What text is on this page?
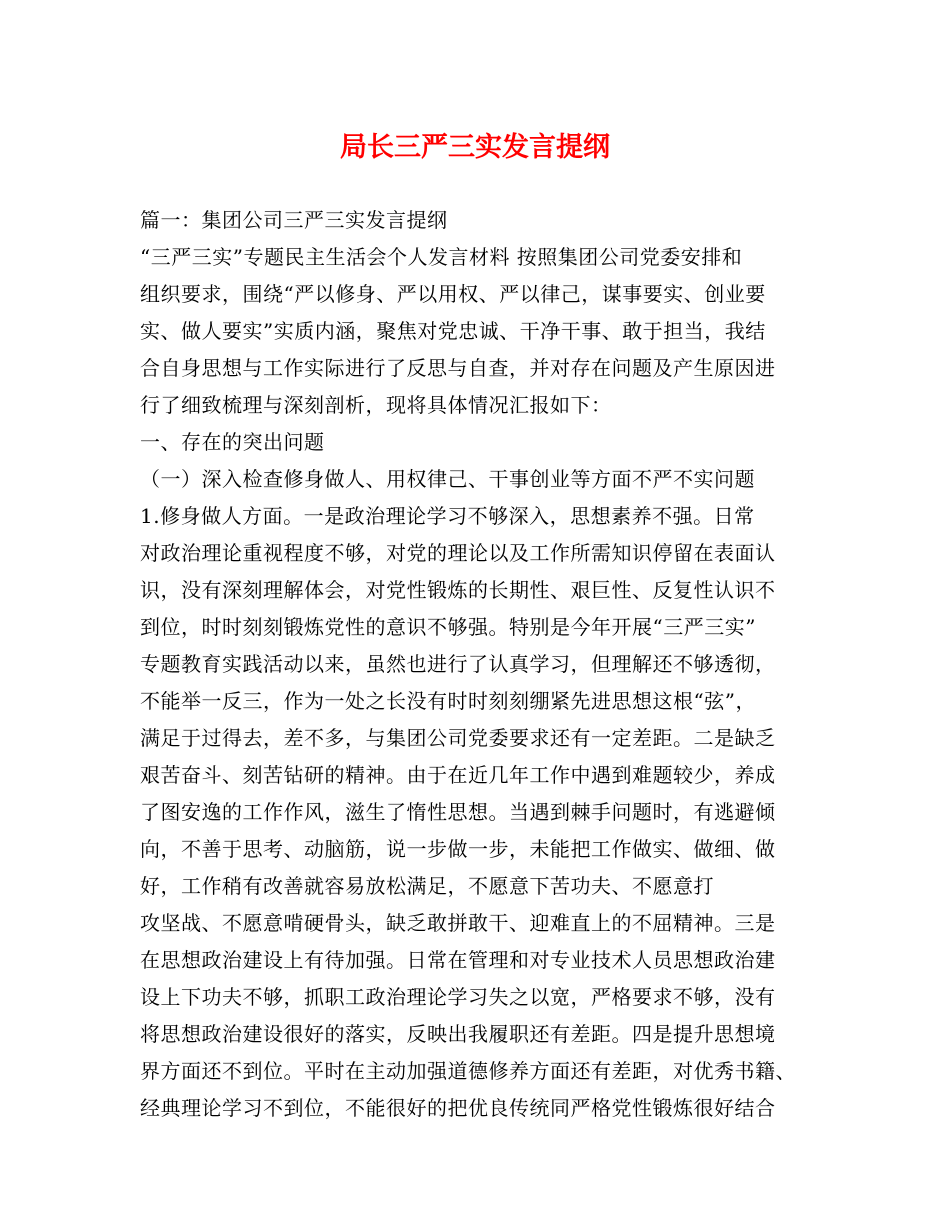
局长三严三实发言提纲
篇一：集团公司三严三实发言提纲
“三严三实”专题民主生活会个人发言材料 按照集团公司党委安排和
组织要求，围绕“严以修身、严以用权、严以律己，谋事要实、创业要
实、做人要实”实质内涵，聚焦对党忠诚、干净干事、敢于担当，我结
合自身思想与工作实际进行了反思与自查，并对存在问题及产生原因进
行了细致梳理与深刻剖析，现将具体情况汇报如下：
一、存在的突出问题
（一）深入检查修身做人、用权律己、干事创业等方面不严不实问题
1.修身做人方面。一是政治理论学习不够深入，思想素养不强。日常
对政治理论重视程度不够，对党的理论以及工作所需知识停留在表面认
识，没有深刻理解体会，对党性锻炼的长期性、艰巨性、反复性认识不
到位，时时刻刻锻炼党性的意识不够强。特别是今年开展“三严三实”
专题教育实践活动以来，虽然也进行了认真学习，但理解还不够透彻，
不能举一反三，作为一处之长没有时时刻刻绷紧先进思想这根“弦”，
满足于过得去，差不多，与集团公司党委要求还有一定差距。二是缺乏
艰苦奋斗、刻苦钻研的精神。由于在近几年工作中遇到难题较少，养成
了图安逸的工作作风，滋生了惰性思想。当遇到棘手问题时，有逃避倾
向，不善于思考、动脑筋，说一步做一步，未能把工作做实、做细、做
好，工作稍有改善就容易放松满足，不愿意下苦功夫、不愿意打
攻坚战、不愿意啃硬骨头，缺乏敢拼敢干、迎难直上的不屈精神。三是
在思想政治建设上有待加强。日常在管理和对专业技术人员思想政治建
设上下功夫不够，抓职工政治理论学习失之以宽，严格要求不够，没有
将思想政治建设很好的落实，反映出我履职还有差距。四是提升思想境
界方面还不到位。平时在主动加强道德修养方面还有差距，对优秀书籍、
经典理论学习不到位，不能很好的把优良传统同严格党性锻炼很好结合
